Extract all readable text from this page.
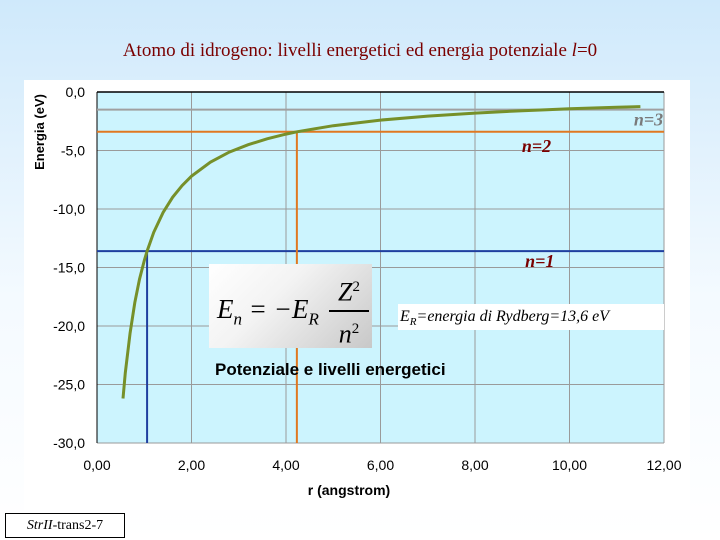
Atomo di idrogeno: livelli energetici ed energia potenziale l=0
0,00	2,00	4,00	6,00	8,00	10,00	12,00
0,0
-5,0
-10,0
-15,0
-20,0
-25,0
-30,0
n=1
n=2
n=3
Potenziale e livelli energetici
r (angstrom)
Energia (eV)
$E_n = -E_R$
$Z^2$
$n^2$
$E_R=energia$ di Rydberg=13,6 eV
StrII-trans2-7
